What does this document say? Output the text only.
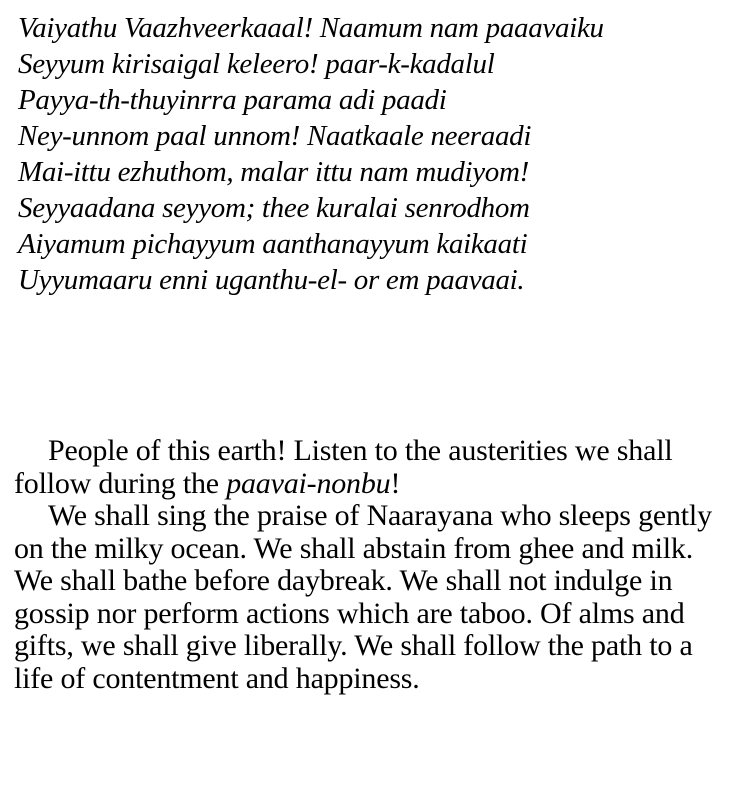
Vaiyathu Vaazhveerkaaal! Naamum nam paaavaiku

Seyyum kirisaigal keleero! paar-k-kadalul

Payya-th-thuyinrra parama adi paadi

Ney-unnom paal unnom! Naatkaale neeraadi

Mai-ittu ezhuthom, malar ittu nam mudiyom!

Seyyaadana seyyom; thee kuralai senrodhom

Aiyamum pichayyum aanthanayyum kaikaati

Uyyumaaru enni uganthu-el- or em paavaai.

People of this earth! Listen to the austerities we shall follow during the paavai-nonbu!

We shall sing the praise of Naarayana who sleeps gently on the milky ocean. We shall abstain from ghee and milk. We shall bathe before daybreak. We shall not indulge in gossip nor perform actions which are taboo. Of alms and gifts, we shall give liberally. We shall follow the path to a life of contentment and happiness.
